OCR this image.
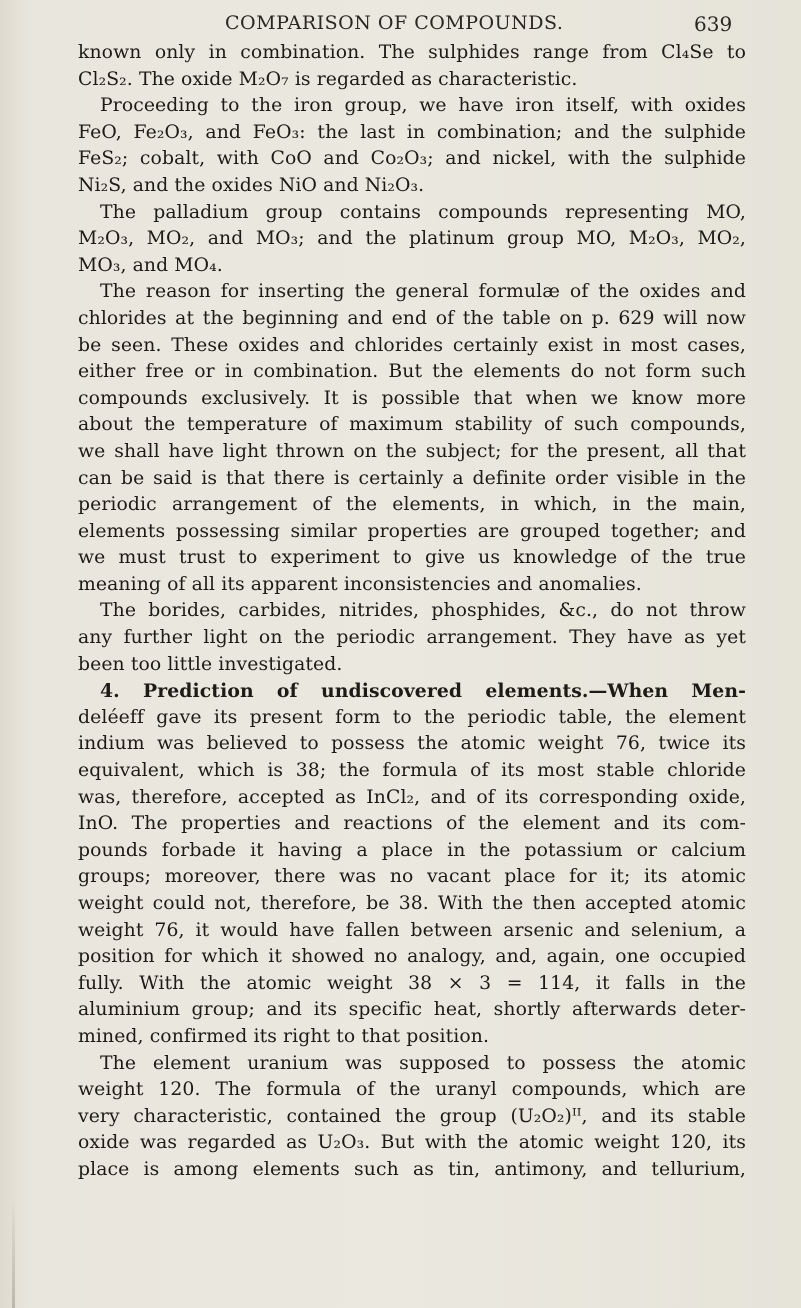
COMPARISON OF COMPOUNDS.	639
known only in combination. The sulphides range from Cl₄Se to
Cl₂S₂. The oxide M₂O₇ is regarded as characteristic.
Proceeding to the iron group, we have iron itself, with oxides
FeO, Fe₂O₃, and FeO₃: the last in combination; and the sulphide
FeS₂; cobalt, with CoO and Co₂O₃; and nickel, with the sulphide
Ni₂S, and the oxides NiO and Ni₂O₃.
The palladium group contains compounds representing MO,
M₂O₃, MO₂, and MO₃; and the platinum group MO, M₂O₃, MO₂,
MO₃, and MO₄.
The reason for inserting the general formulæ of the oxides and
chlorides at the beginning and end of the table on p. 629 will now
be seen. These oxides and chlorides certainly exist in most cases,
either free or in combination. But the elements do not form such
compounds exclusively. It is possible that when we know more
about the temperature of maximum stability of such compounds,
we shall have light thrown on the subject; for the present, all that
can be said is that there is certainly a definite order visible in the
periodic arrangement of the elements, in which, in the main,
elements possessing similar properties are grouped together; and
we must trust to experiment to give us knowledge of the true
meaning of all its apparent inconsistencies and anomalies.
The borides, carbides, nitrides, phosphides, &c., do not throw
any further light on the periodic arrangement. They have as yet
been too little investigated.
4. Prediction of undiscovered elements.—When Men-
deléeff gave its present form to the periodic table, the element
indium was believed to possess the atomic weight 76, twice its
equivalent, which is 38; the formula of its most stable chloride
was, therefore, accepted as InCl₂, and of its corresponding oxide,
InO. The properties and reactions of the element and its com-
pounds forbade it having a place in the potassium or calcium
groups; moreover, there was no vacant place for it; its atomic
weight could not, therefore, be 38. With the then accepted atomic
weight 76, it would have fallen between arsenic and selenium, a
position for which it showed no analogy, and, again, one occupied
fully. With the atomic weight 38 × 3 = 114, it falls in the
aluminium group; and its specific heat, shortly afterwards deter-
mined, confirmed its right to that position.
The element uranium was supposed to possess the atomic
weight 120. The formula of the uranyl compounds, which are
very characteristic, contained the group (U₂O₂)ᴵᴵ, and its stable
oxide was regarded as U₂O₃. But with the atomic weight 120, its
place is among elements such as tin, antimony, and tellurium,
